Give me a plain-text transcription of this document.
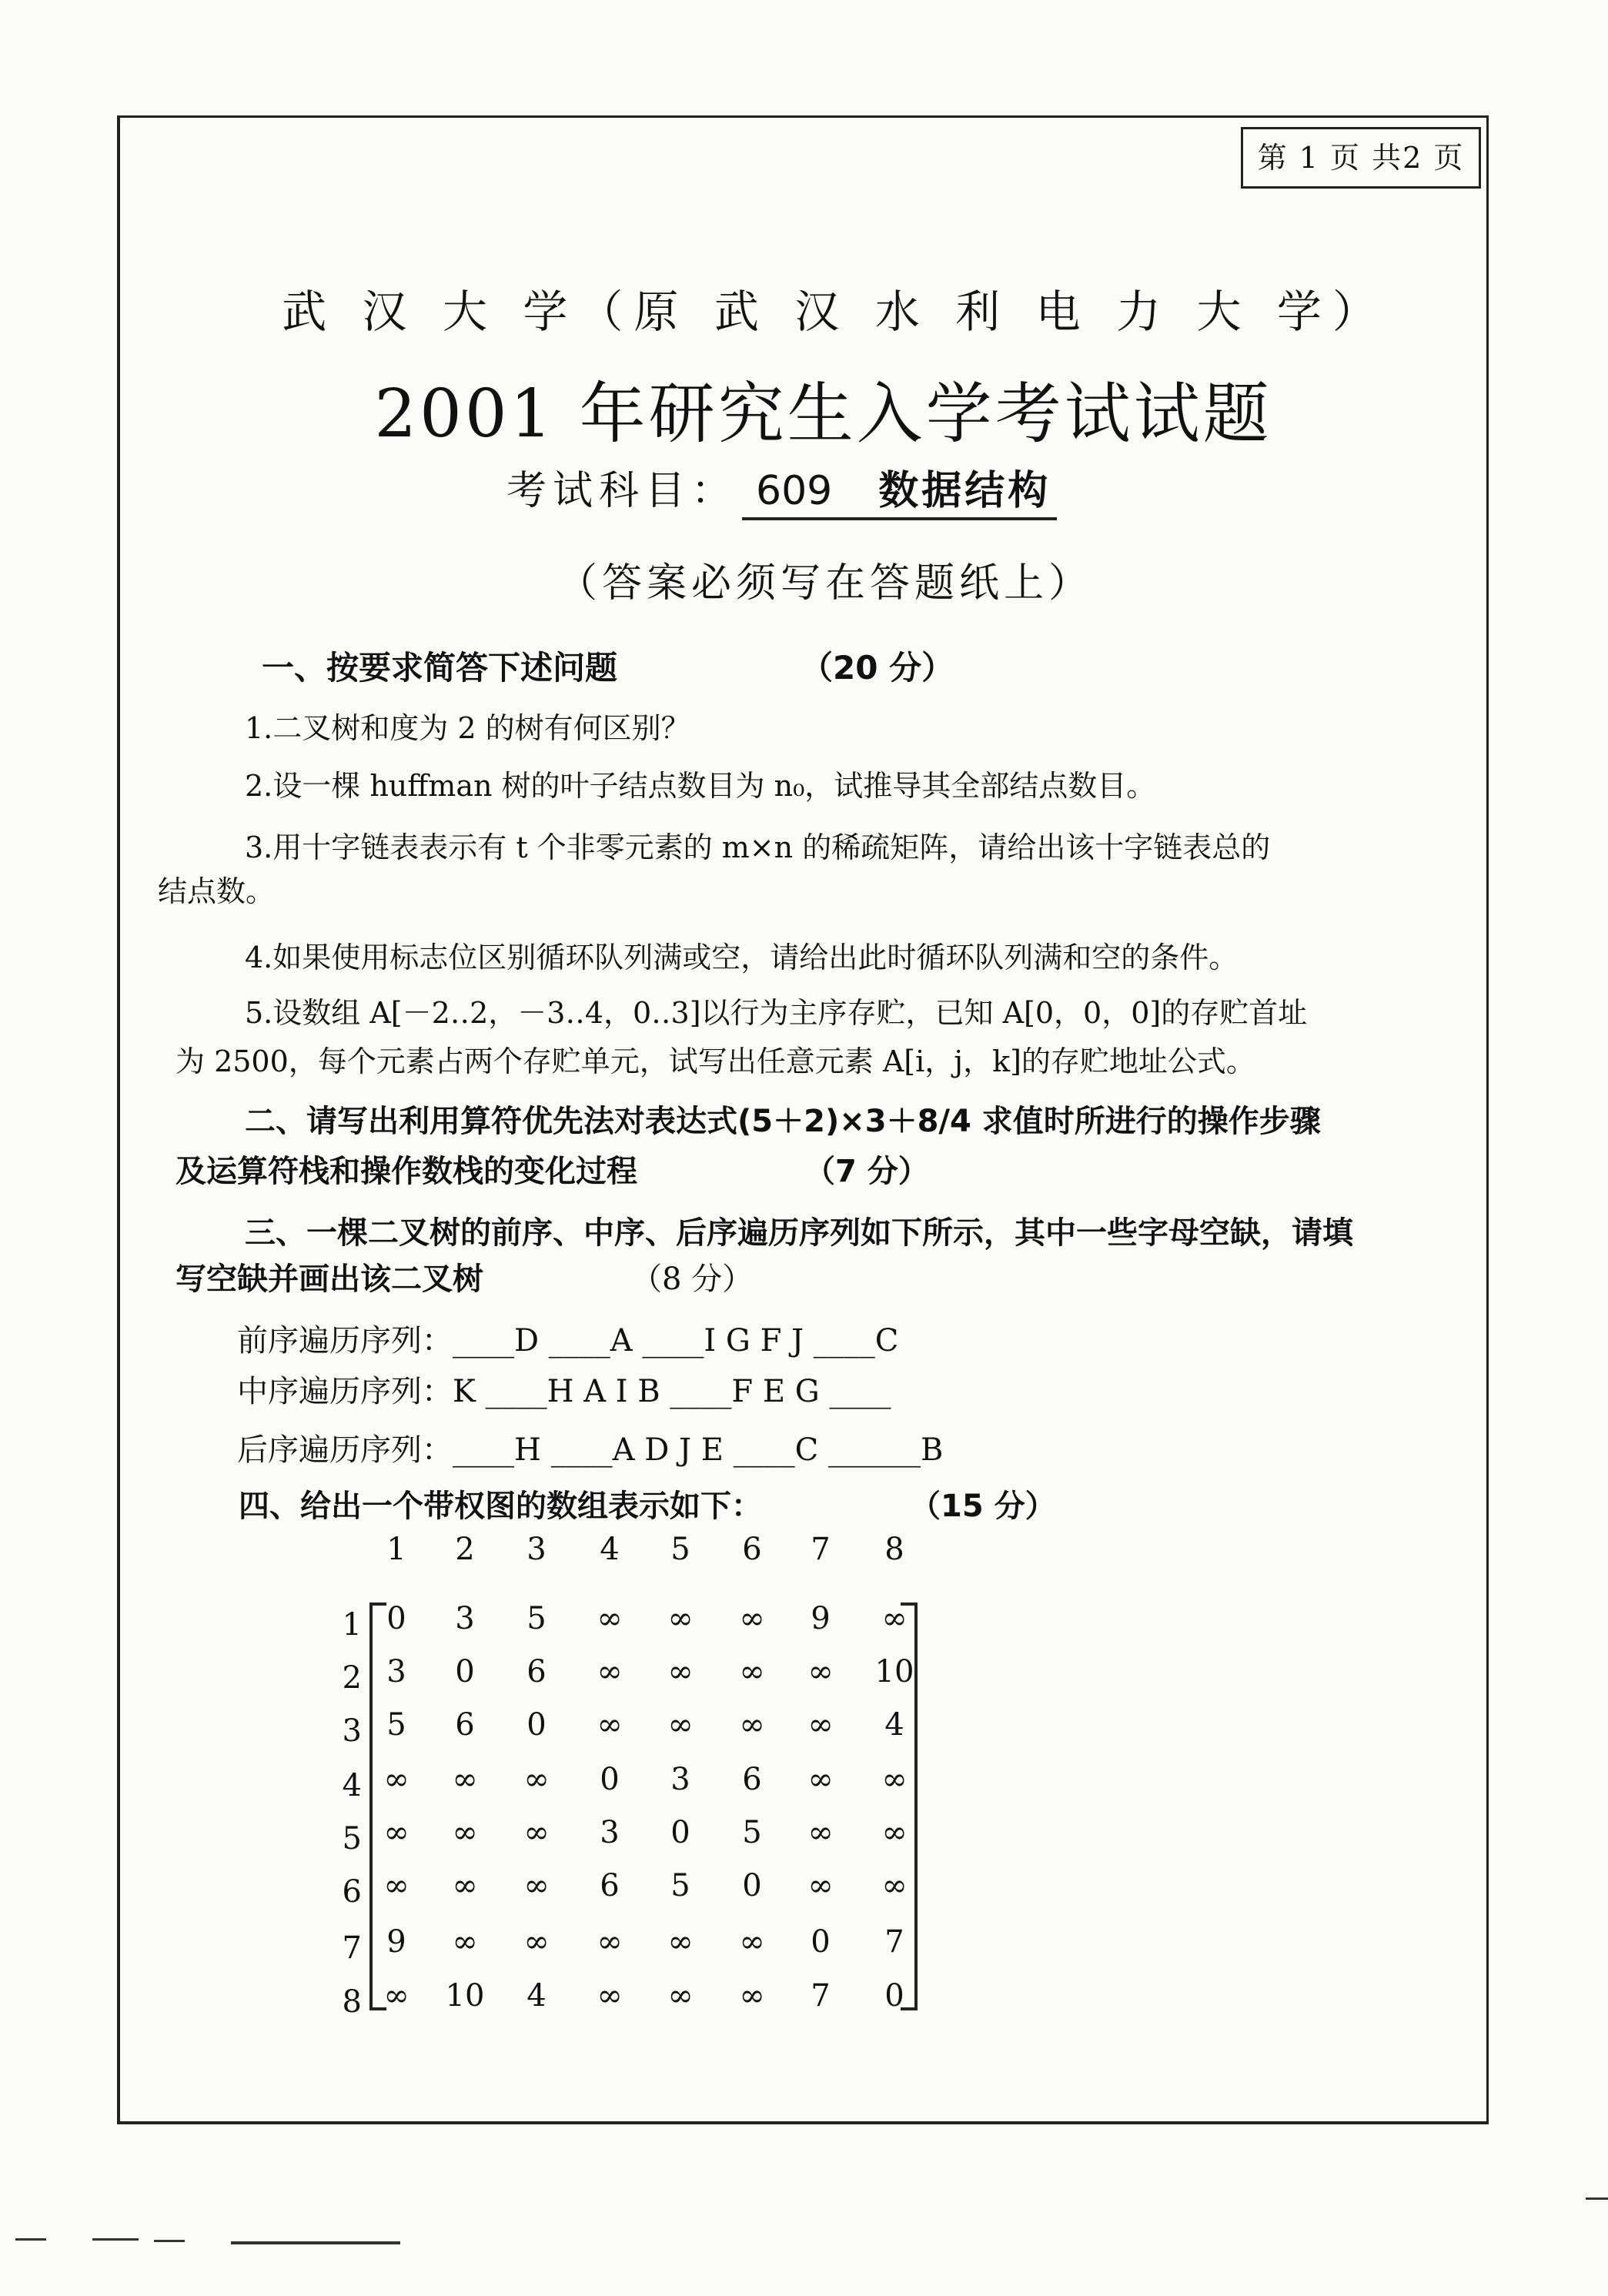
第 1 页 共2 页
武 汉 大 学（原 武 汉 水 利 电 力 大 学）
2001 年研究生入学考试试题
考试科目： 609 数据结构
（答案必须写在答题纸上）
一、按要求简答下述问题	（20 分）
1.二叉树和度为 2 的树有何区别？
2.设一棵 huffman 树的叶子结点数目为 n₀，试推导其全部结点数目。
3.用十字链表表示有 t 个非零元素的 m×n 的稀疏矩阵，请给出该十字链表总的
结点数。
4.如果使用标志位区别循环队列满或空，请给出此时循环队列满和空的条件。
5.设数组 A[－2‥2，－3‥4，0‥3]以行为主序存贮，已知 A[0，0，0]的存贮首址
为 2500，每个元素占两个存贮单元，试写出任意元素 A[i，j，k]的存贮地址公式。
二、请写出利用算符优先法对表达式(5＋2)×3＋8/4 求值时所进行的操作步骤
及运算符栈和操作数栈的变化过程	（7 分）
三、一棵二叉树的前序、中序、后序遍历序列如下所示，其中一些字母空缺，请填
写空缺并画出该二叉树	（8 分）
前序遍历序列：____D ____A ____I G F J ____C
中序遍历序列：K ____H A I B ____F E G ____
后序遍历序列：____H ____A D J E ____C ______B
四、给出一个带权图的数组表示如下：	（15 分）
1	2	3	4	5	6	7	8
1
2
3
4
5
6
7
8
0	3	5	∞	∞	∞	9	∞
3	0	6	∞	∞	∞	∞	10
5	6	0	∞	∞	∞	∞	4
∞	∞	∞	0	3	6	∞	∞
∞	∞	∞	3	0	5	∞	∞
∞	∞	∞	6	5	0	∞	∞
9	∞	∞	∞	∞	∞	0	7
∞	10	4	∞	∞	∞	7	0
